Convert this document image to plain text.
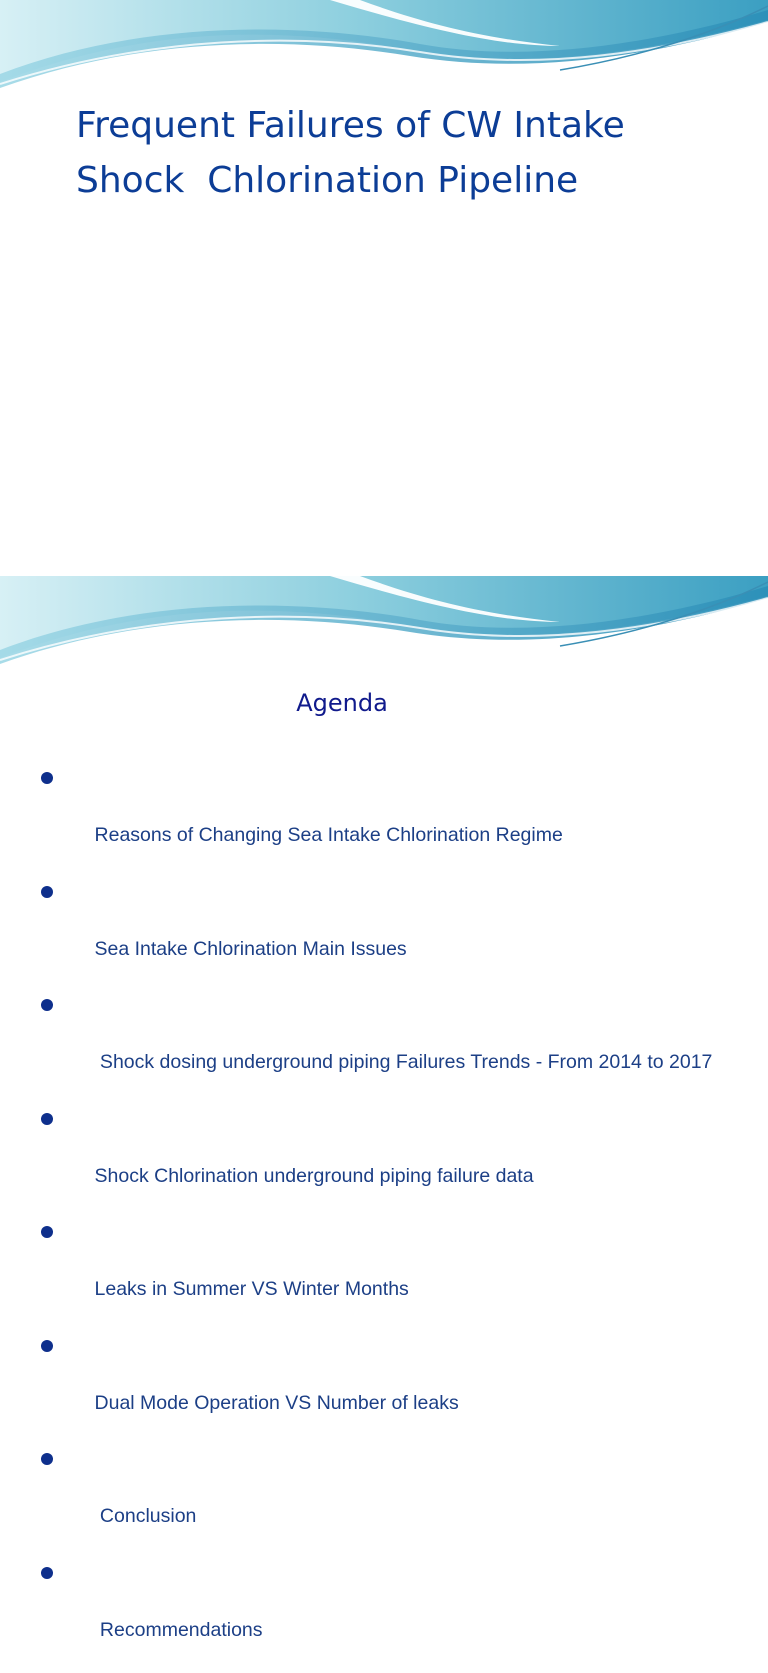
Frequent Failures of CW Intake
Shock  Chlorination Pipeline
Agenda

Reasons of Changing Sea Intake Chlorination Regime

Sea Intake Chlorination Main Issues

Shock dosing underground piping Failures Trends - From 2014 to 2017

Shock Chlorination underground piping failure data

Leaks in Summer VS Winter Months

Dual Mode Operation VS Number of leaks

Conclusion

Recommendations
